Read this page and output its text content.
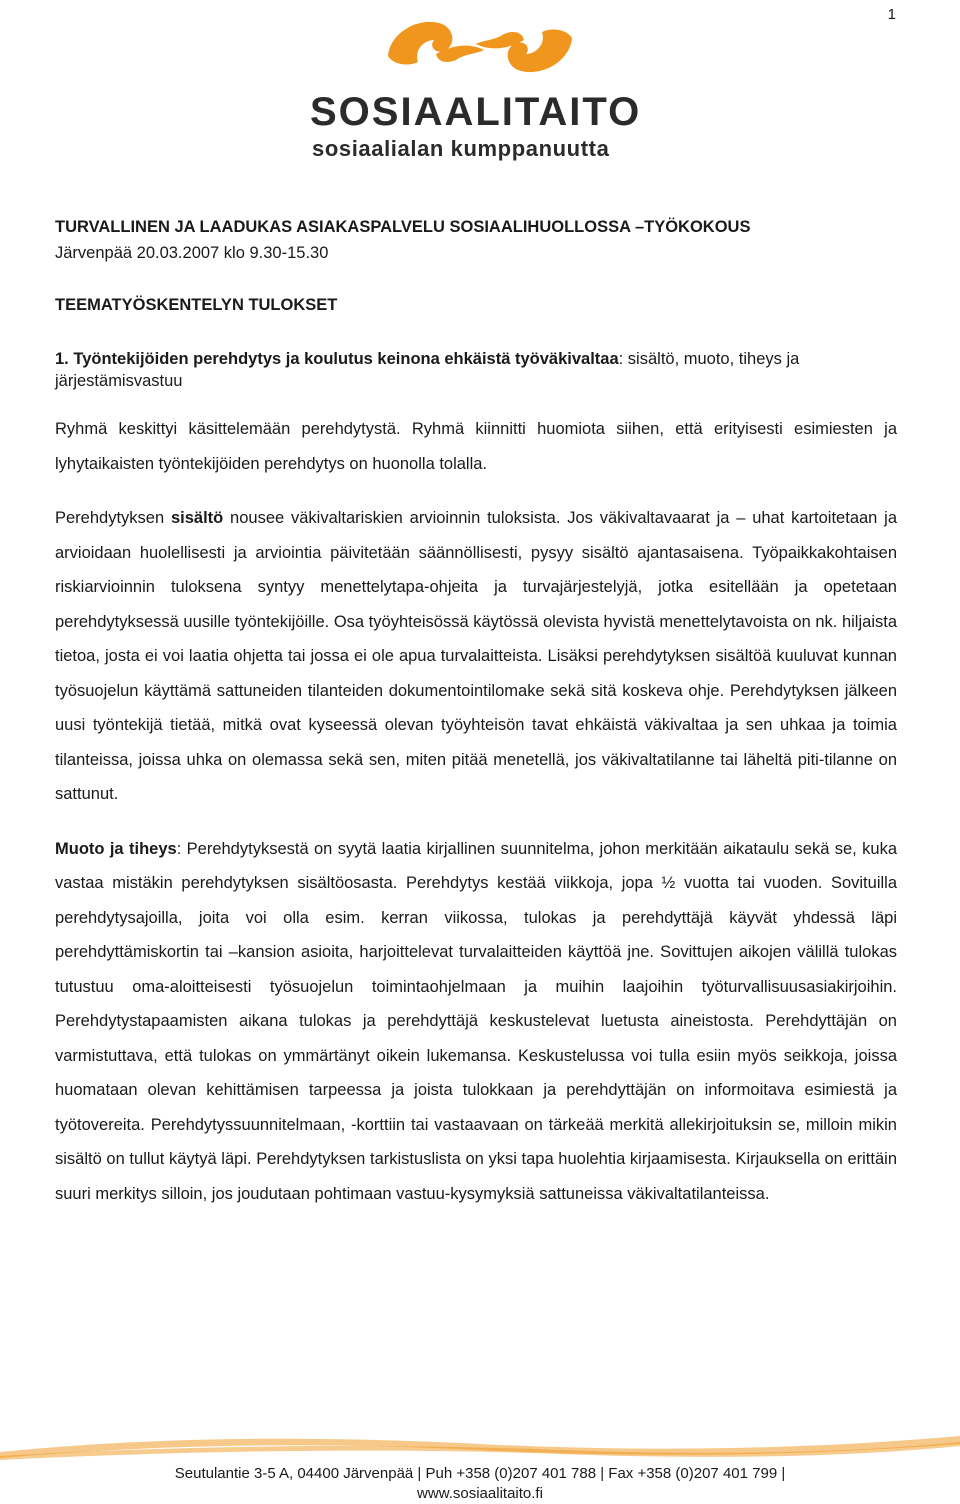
1
SOSIAALITAITO
sosiaalialan kumppanuutta

TURVALLINEN JA LAADUKAS ASIAKASPALVELU SOSIAALIHUOLLOSSA –TYÖKOKOUS

Järvenpää 20.03.2007 klo 9.30-15.30

TEEMATYÖSKENTELYN TULOKSET

1. Työntekijöiden perehdytys ja koulutus keinona ehkäistä työväkivaltaa: sisältö, muoto, tiheys ja järjestämisvastuu

Ryhmä keskittyi käsittelemään perehdytystä. Ryhmä kiinnitti huomiota siihen, että erityisesti esimiesten ja lyhytaikaisten työntekijöiden perehdytys on huonolla tolalla.

Perehdytyksen sisältö nousee väkivaltariskien arvioinnin tuloksista. Jos väkivaltavaarat ja – uhat kartoitetaan ja arvioidaan huolellisesti ja arviointia päivitetään säännöllisesti, pysyy sisältö ajantasaisena. Työpaikkakohtaisen riskiarvioinnin tuloksena syntyy menettelytapa-ohjeita ja turvajärjestelyjä, jotka esitellään ja opetetaan perehdytyksessä uusille työntekijöille. Osa työyhteisössä käytössä olevista hyvistä menettelytavoista on nk. hiljaista tietoa, josta ei voi laatia ohjetta tai jossa ei ole apua turvalaitteista. Lisäksi perehdytyksen sisältöä kuuluvat kunnan työsuojelun käyttämä sattuneiden tilanteiden dokumentointilomake sekä sitä koskeva ohje. Perehdytyksen jälkeen uusi työntekijä tietää, mitkä ovat kyseessä olevan työyhteisön tavat ehkäistä väkivaltaa ja sen uhkaa ja toimia tilanteissa, joissa uhka on olemassa sekä sen, miten pitää menetellä, jos väkivaltatilanne tai läheltä piti-tilanne on sattunut.

Muoto ja tiheys: Perehdytyksestä on syytä laatia kirjallinen suunnitelma, johon merkitään aikataulu sekä se, kuka vastaa mistäkin perehdytyksen sisältöosasta. Perehdytys kestää viikkoja, jopa ½ vuotta tai vuoden. Sovituilla perehdytysajoilla, joita voi olla esim. kerran viikossa, tulokas ja perehdyttäjä käyvät yhdessä läpi perehdyttämiskortin tai –kansion asioita, harjoittelevat turvalaitteiden käyttöä jne. Sovittujen aikojen välillä tulokas tutustuu oma-aloitteisesti työsuojelun toimintaohjelmaan ja muihin laajoihin työturvallisuusasiakirjoihin. Perehdytystapaamisten aikana tulokas ja perehdyttäjä keskustelevat luetusta aineistosta. Perehdyttäjän on varmistuttava, että tulokas on ymmärtänyt oikein lukemansa. Keskustelussa voi tulla esiin myös seikkoja, joissa huomataan olevan kehittämisen tarpeessa ja joista tulokkaan ja perehdyttäjän on informoitava esimiestä ja työtovereita. Perehdytyssuunnitelmaan, -korttiin tai vastaavaan on tärkeää merkitä allekirjoituksin se, milloin mikin sisältö on tullut käytyä läpi. Perehdytyksen tarkistuslista on yksi tapa huolehtia kirjaamisesta. Kirjauksella on erittäin suuri merkitys silloin, jos joudutaan pohtimaan vastuu-kysymyksiä sattuneissa väkivaltatilanteissa.

Seutulantie 3-5 A, 04400 Järvenpää | Puh +358 (0)207 401 788 | Fax +358 (0)207 401 799 |
www.sosiaalitaito.fi
